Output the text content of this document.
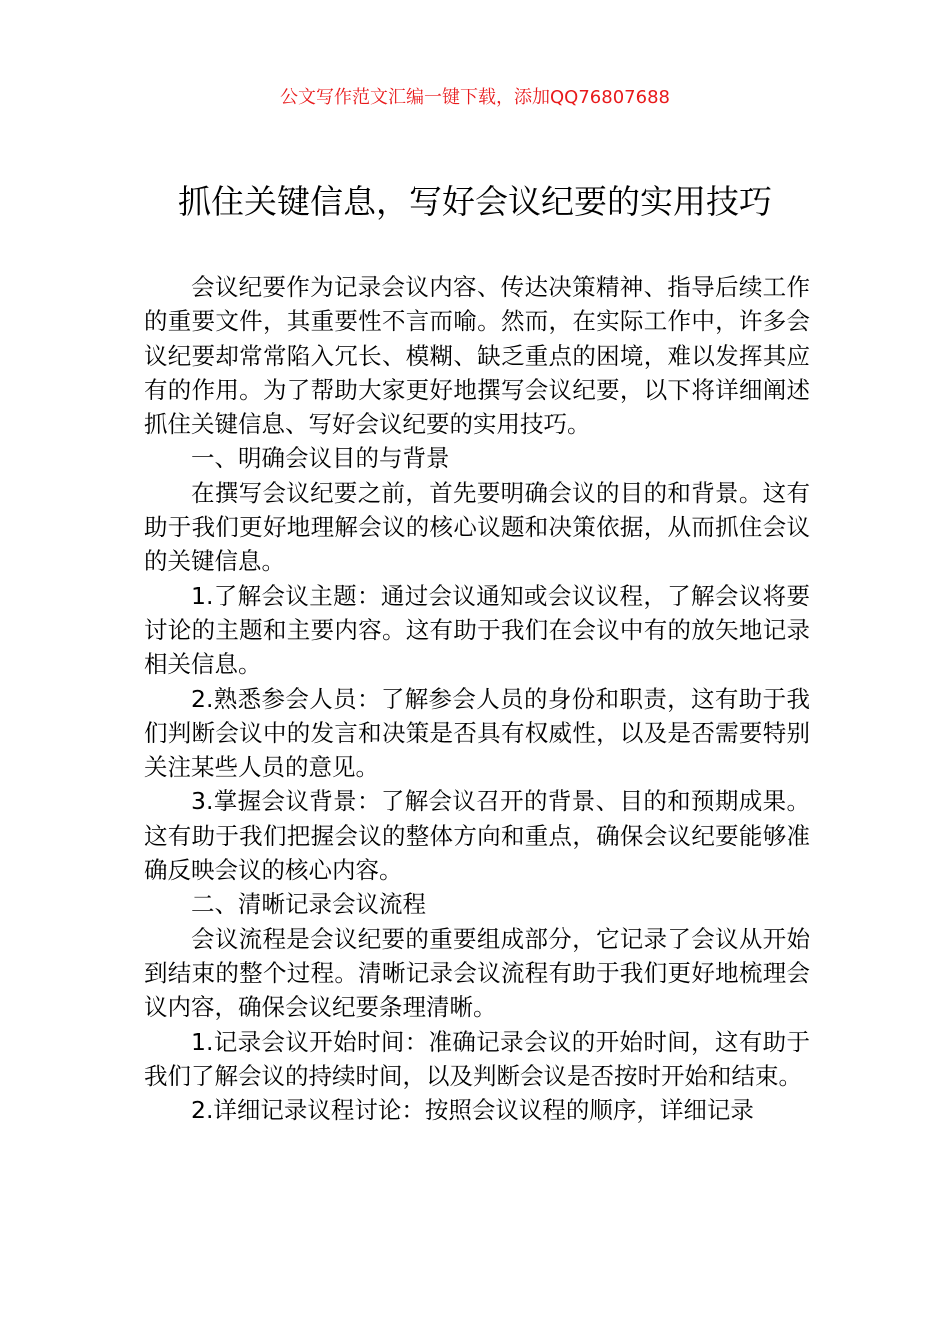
公文写作范文汇编一键下载，添加QQ76807688
抓住关键信息，写好会议纪要的实用技巧

会议纪要作为记录会议内容、传达决策精神、指导后续工作的重要文件，其重要性不言而喻。然而，在实际工作中，许多会议纪要却常常陷入冗长、模糊、缺乏重点的困境，难以发挥其应有的作用。为了帮助大家更好地撰写会议纪要，以下将详细阐述抓住关键信息、写好会议纪要的实用技巧。

一、明确会议目的与背景

在撰写会议纪要之前，首先要明确会议的目的和背景。这有助于我们更好地理解会议的核心议题和决策依据，从而抓住会议的关键信息。

1.了解会议主题：通过会议通知或会议议程，了解会议将要讨论的主题和主要内容。这有助于我们在会议中有的放矢地记录相关信息。

2.熟悉参会人员：了解参会人员的身份和职责，这有助于我们判断会议中的发言和决策是否具有权威性，以及是否需要特别关注某些人员的意见。

3.掌握会议背景：了解会议召开的背景、目的和预期成果。这有助于我们把握会议的整体方向和重点，确保会议纪要能够准确反映会议的核心内容。

二、清晰记录会议流程

会议流程是会议纪要的重要组成部分，它记录了会议从开始到结束的整个过程。清晰记录会议流程有助于我们更好地梳理会议内容，确保会议纪要条理清晰。

1.记录会议开始时间：准确记录会议的开始时间，这有助于我们了解会议的持续时间，以及判断会议是否按时开始和结束。

2.详细记录议程讨论：按照会议议程的顺序，详细记录
